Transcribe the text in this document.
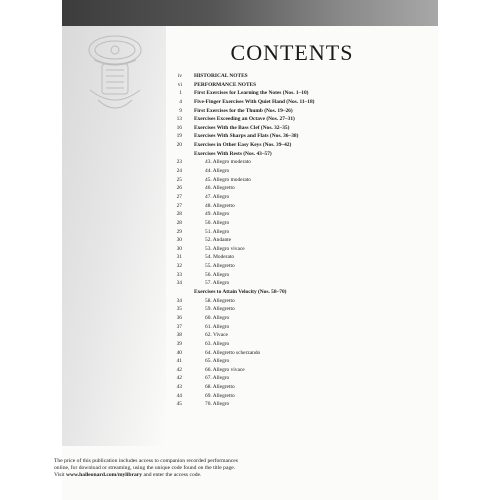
CONTENTS
iv	HISTORICAL NOTES
vi	PERFORMANCE NOTES
1	First Exercises for Learning the Notes (Nos. 1–10)
4	Five-Finger Exercises With Quiet Hand (Nos. 11–18)
9	First Exercises for the Thumb (Nos. 19–26)
13	Exercises Exceeding an Octave (Nos. 27–31)
16	Exercises With the Bass Clef (Nos. 32–35)
19	Exercises With Sharps and Flats (Nos. 36–38)
20	Exercises in Other Easy Keys (Nos. 39–42)
Exercises With Rests (Nos. 43–57)
23	43. Allegro moderato
24	44. Allegro
25	45. Allegro moderato
26	46. Allegretto
27	47. Allegro
27	48. Allegretto
28	49. Allegro
28	50. Allegro
29	51. Allegro
30	52. Andante
30	53. Allegro vivace
31	54. Moderato
32	55. Allegretto
33	56. Allegro
34	57. Allegro
Exercises to Attain Velocity (Nos. 58–70)
34	58. Allegretto
35	59. Allegretto
36	60. Allegro
37	61. Allegro
38	62. Vivace
39	63. Allegro
40	64. Allegretto scherzando
41	65. Allegro
42	66. Allegro vivace
42	67. Allegro
43	68. Allegretto
44	69. Allegretto
45	70. Allegro
The price of this publication includes access to companion recorded performances
online, for download or streaming, using the unique code found on the title page.
Visit www.halleonard.com/mylibrary and enter the access code.
